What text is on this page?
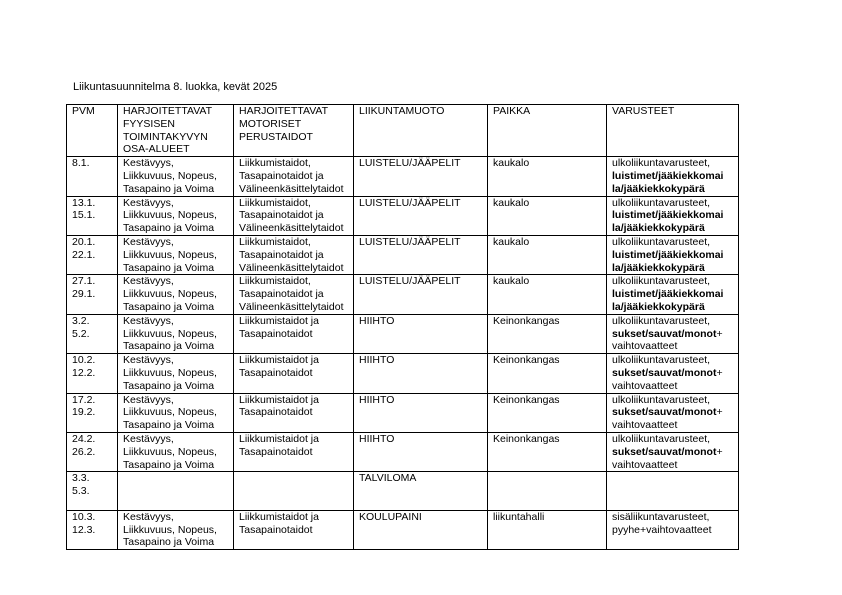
Liikuntasuunnitelma 8. luokka, kevät 2025
PVM	HARJOITETTAVAT
FYYSISEN
TOIMINTAKYVYN
OSA-ALUEET	HARJOITETTAVAT
MOTORISET
PERUSTAIDOT	LIIKUNTAMUOTO	PAIKKA	VARUSTEET

8.1.	Kestävyys,
Liikkuvuus, Nopeus,
Tasapaino ja Voima	Liikkumistaidot,
Tasapainotaidot ja
Välineenkäsittelytaidot	LUISTELU/JÄÄPELIT	kaukalo	ulkoliikuntavarusteet,
luistimet/jääkiekkomai
la/jääkiekkokypärä

13.1.
15.1.	Kestävyys,
Liikkuvuus, Nopeus,
Tasapaino ja Voima	Liikkumistaidot,
Tasapainotaidot ja
Välineenkäsittelytaidot	LUISTELU/JÄÄPELIT	kaukalo	ulkoliikuntavarusteet,
luistimet/jääkiekkomai
la/jääkiekkokypärä

20.1.
22.1.	Kestävyys,
Liikkuvuus, Nopeus,
Tasapaino ja Voima	Liikkumistaidot,
Tasapainotaidot ja
Välineenkäsittelytaidot	LUISTELU/JÄÄPELIT	kaukalo	ulkoliikuntavarusteet,
luistimet/jääkiekkomai
la/jääkiekkokypärä

27.1.
29.1.	Kestävyys,
Liikkuvuus, Nopeus,
Tasapaino ja Voima	Liikkumistaidot,
Tasapainotaidot ja
Välineenkäsittelytaidot	LUISTELU/JÄÄPELIT	kaukalo	ulkoliikuntavarusteet,
luistimet/jääkiekkomai
la/jääkiekkokypärä

3.2.
5.2.	Kestävyys,
Liikkuvuus, Nopeus,
Tasapaino ja Voima	Liikkumistaidot ja
Tasapainotaidot	HIIHTO	Keinonkangas	ulkoliikuntavarusteet,
sukset/sauvat/monot+
vaihtovaatteet

10.2.
12.2.	Kestävyys,
Liikkuvuus, Nopeus,
Tasapaino ja Voima	Liikkumistaidot ja
Tasapainotaidot	HIIHTO	Keinonkangas	ulkoliikuntavarusteet,
sukset/sauvat/monot+
vaihtovaatteet

17.2.
19.2.	Kestävyys,
Liikkuvuus, Nopeus,
Tasapaino ja Voima	Liikkumistaidot ja
Tasapainotaidot	HIIHTO	Keinonkangas	ulkoliikuntavarusteet,
sukset/sauvat/monot+
vaihtovaatteet

24.2.
26.2.	Kestävyys,
Liikkuvuus, Nopeus,
Tasapaino ja Voima	Liikkumistaidot ja
Tasapainotaidot	HIIHTO	Keinonkangas	ulkoliikuntavarusteet,
sukset/sauvat/monot+
vaihtovaatteet

3.3.
5.3.			TALVILOMA		

10.3.
12.3.	Kestävyys,
Liikkuvuus, Nopeus,
Tasapaino ja Voima	Liikkumistaidot ja
Tasapainotaidot	KOULUPAINI	liikuntahalli	sisäliikuntavarusteet,
pyyhe+vaihtovaatteet
